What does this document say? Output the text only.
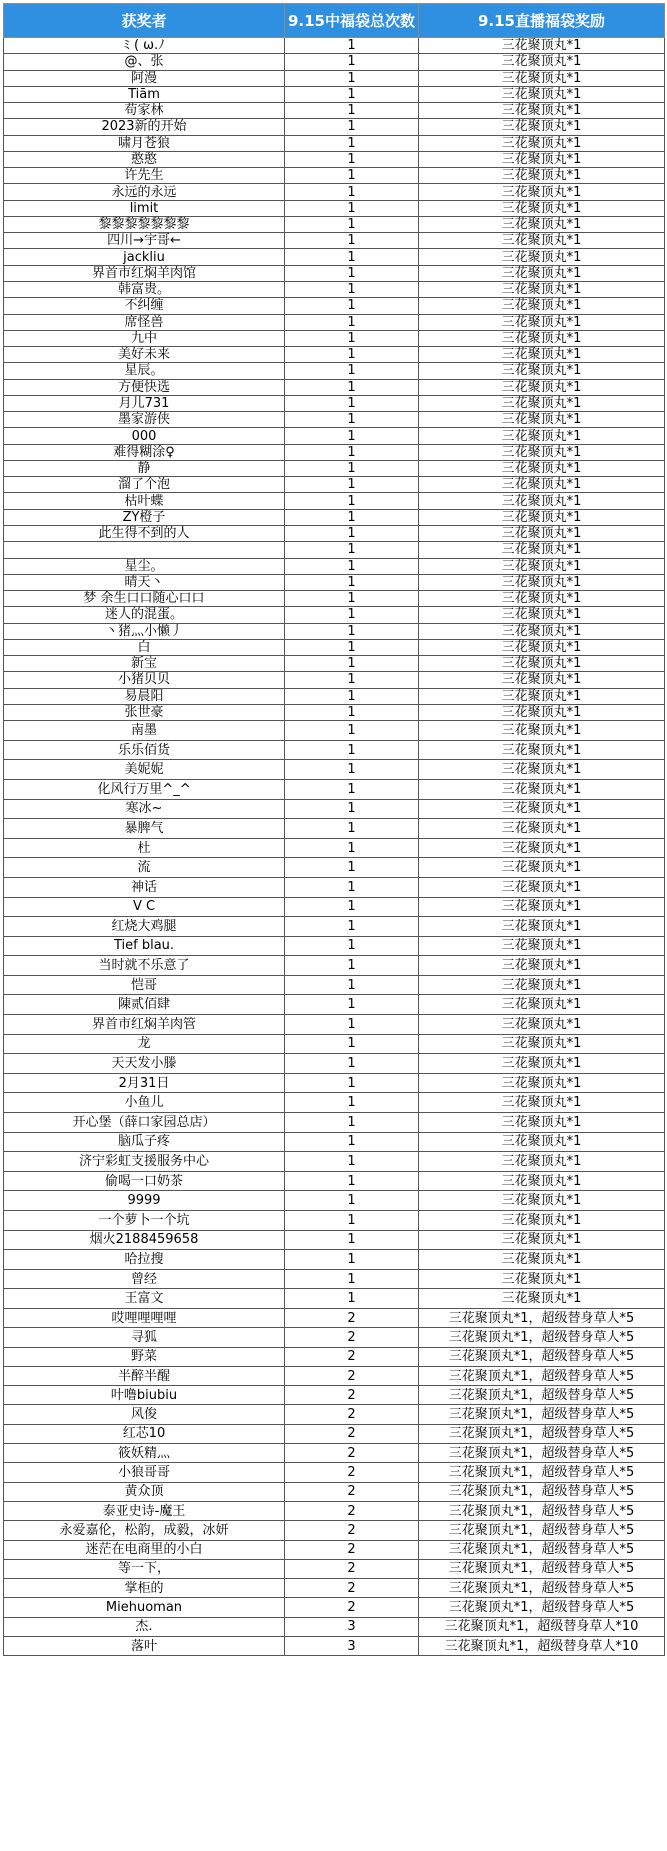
获奖者	9.15中福袋总次数	9.15直播福袋奖励
ﾐ ( ω.ﾉ	1	三花聚顶丸*1
@、张	1	三花聚顶丸*1
阿漫	1	三花聚顶丸*1
Tiām	1	三花聚顶丸*1
苟家林	1	三花聚顶丸*1
2023新的开始	1	三花聚顶丸*1
啸月苍狼	1	三花聚顶丸*1
憨憨	1	三花聚顶丸*1
许先生	1	三花聚顶丸*1
永远的永远	1	三花聚顶丸*1
limit	1	三花聚顶丸*1
黎黎黎黎黎黎黎	1	三花聚顶丸*1
四川→宇哥←	1	三花聚顶丸*1
jackliu	1	三花聚顶丸*1
界首市红焖羊肉馆	1	三花聚顶丸*1
韩富贵。	1	三花聚顶丸*1
不纠缠	1	三花聚顶丸*1
席怪兽	1	三花聚顶丸*1
九中	1	三花聚顶丸*1
美好未来	1	三花聚顶丸*1
星辰。	1	三花聚顶丸*1
方便快选	1	三花聚顶丸*1
月儿731	1	三花聚顶丸*1
墨家游侠	1	三花聚顶丸*1
000	1	三花聚顶丸*1
难得糊涂♀	1	三花聚顶丸*1
静	1	三花聚顶丸*1
溜了个泡	1	三花聚顶丸*1
枯叶蝶	1	三花聚顶丸*1
ZY橙子	1	三花聚顶丸*1
此生得不到的人	1	三花聚顶丸*1
	1	三花聚顶丸*1
星尘。	1	三花聚顶丸*1
晴天丶	1	三花聚顶丸*1
梦 余生口口随心口口	1	三花聚顶丸*1
迷人的混蛋。	1	三花聚顶丸*1
丶猪灬小懒丿	1	三花聚顶丸*1
白	1	三花聚顶丸*1
新宝	1	三花聚顶丸*1
小猪贝贝	1	三花聚顶丸*1
易晨阳	1	三花聚顶丸*1
张世豪	1	三花聚顶丸*1
南墨	1	三花聚顶丸*1
乐乐佰货	1	三花聚顶丸*1
美妮妮	1	三花聚顶丸*1
化风行万里^_^	1	三花聚顶丸*1
寒冰~	1	三花聚顶丸*1
暴脾气	1	三花聚顶丸*1
杜	1	三花聚顶丸*1
流	1	三花聚顶丸*1
神话	1	三花聚顶丸*1
V C	1	三花聚顶丸*1
红烧大鸡腿	1	三花聚顶丸*1
Tief blau.	1	三花聚顶丸*1
当时就不乐意了	1	三花聚顶丸*1
恺哥	1	三花聚顶丸*1
陳贰佰肆	1	三花聚顶丸*1
界首市红焖羊肉管	1	三花聚顶丸*1
龙	1	三花聚顶丸*1
天天发小滕	1	三花聚顶丸*1
2月31日	1	三花聚顶丸*1
小鱼儿	1	三花聚顶丸*1
开心堡（薛口家园总店）	1	三花聚顶丸*1
脑瓜子疼	1	三花聚顶丸*1
济宁彩虹支援服务中心	1	三花聚顶丸*1
偷喝一口奶茶	1	三花聚顶丸*1
9999	1	三花聚顶丸*1
一个萝卜一个坑	1	三花聚顶丸*1
烟火2188459658	1	三花聚顶丸*1
哈拉搜	1	三花聚顶丸*1
曾经	1	三花聚顶丸*1
王富文	1	三花聚顶丸*1
哎哩哩哩哩	2	三花聚顶丸*1，超级替身草人*5
寻狐	2	三花聚顶丸*1，超级替身草人*5
野菜	2	三花聚顶丸*1，超级替身草人*5
半醉半醒	2	三花聚顶丸*1，超级替身草人*5
叶噜biubiu	2	三花聚顶丸*1，超级替身草人*5
风俊	2	三花聚顶丸*1，超级替身草人*5
红芯10	2	三花聚顶丸*1，超级替身草人*5
筱妖精灬	2	三花聚顶丸*1，超级替身草人*5
小狼哥哥	2	三花聚顶丸*1，超级替身草人*5
黄众顶	2	三花聚顶丸*1，超级替身草人*5
泰亚史诗-魔王	2	三花聚顶丸*1，超级替身草人*5
永爱嘉伦，松韵，成毅，冰妍	2	三花聚顶丸*1，超级替身草人*5
迷茫在电商里的小白	2	三花聚顶丸*1，超级替身草人*5
等一下，	2	三花聚顶丸*1，超级替身草人*5
掌柜的	2	三花聚顶丸*1，超级替身草人*5
Miehuoman	2	三花聚顶丸*1，超级替身草人*5
杰.	3	三花聚顶丸*1，超级替身草人*10
落叶	3	三花聚顶丸*1，超级替身草人*10
